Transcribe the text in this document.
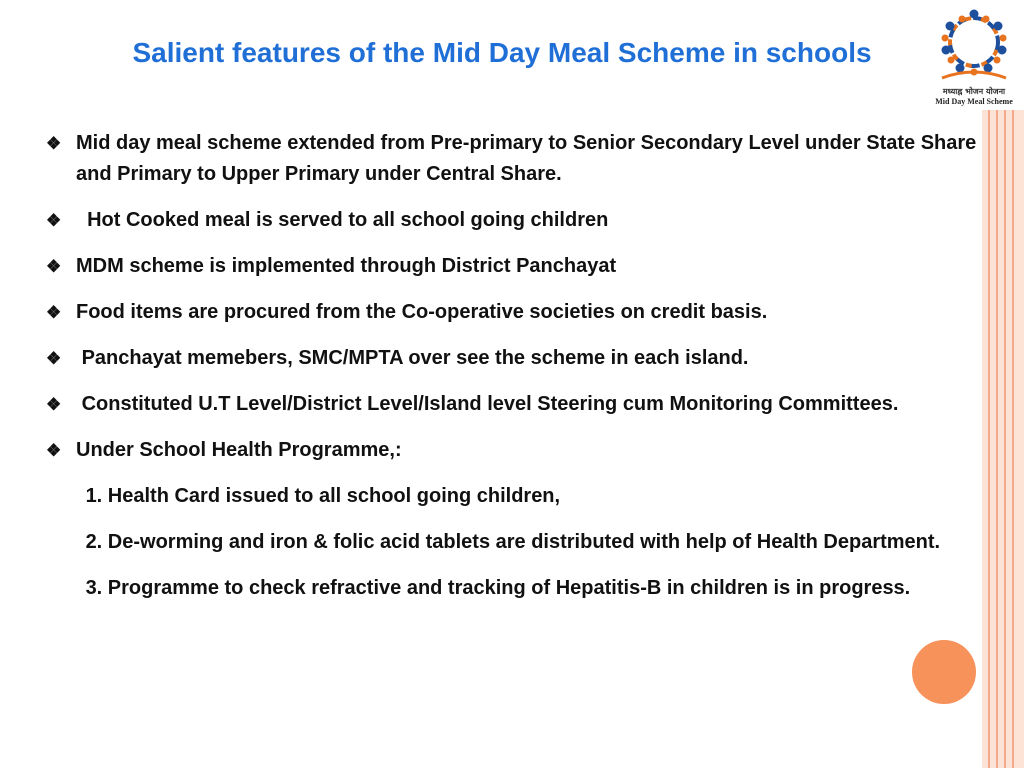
मध्याह्न भोजन योजना
Mid Day Meal Scheme
Salient features of the Mid Day Meal Scheme in schools
❖ Mid day meal scheme extended from Pre-primary to Senior Secondary Level under State Share and Primary to Upper Primary under Central Share.
❖ Hot Cooked meal is served to all school going children
❖ MDM scheme is implemented through District Panchayat
❖ Food items are procured from the Co-operative societies on credit basis.
❖ Panchayat memebers, SMC/MPTA over see the scheme in each island.
❖ Constituted U.T Level/District Level/Island level Steering cum Monitoring Committees.
❖ Under School Health Programme,:
1. Health Card issued to all school going children,
2. De-worming and iron & folic acid tablets are distributed with help of Health Department.
3. Programme to check refractive and tracking of Hepatitis-B in children is in progress.
